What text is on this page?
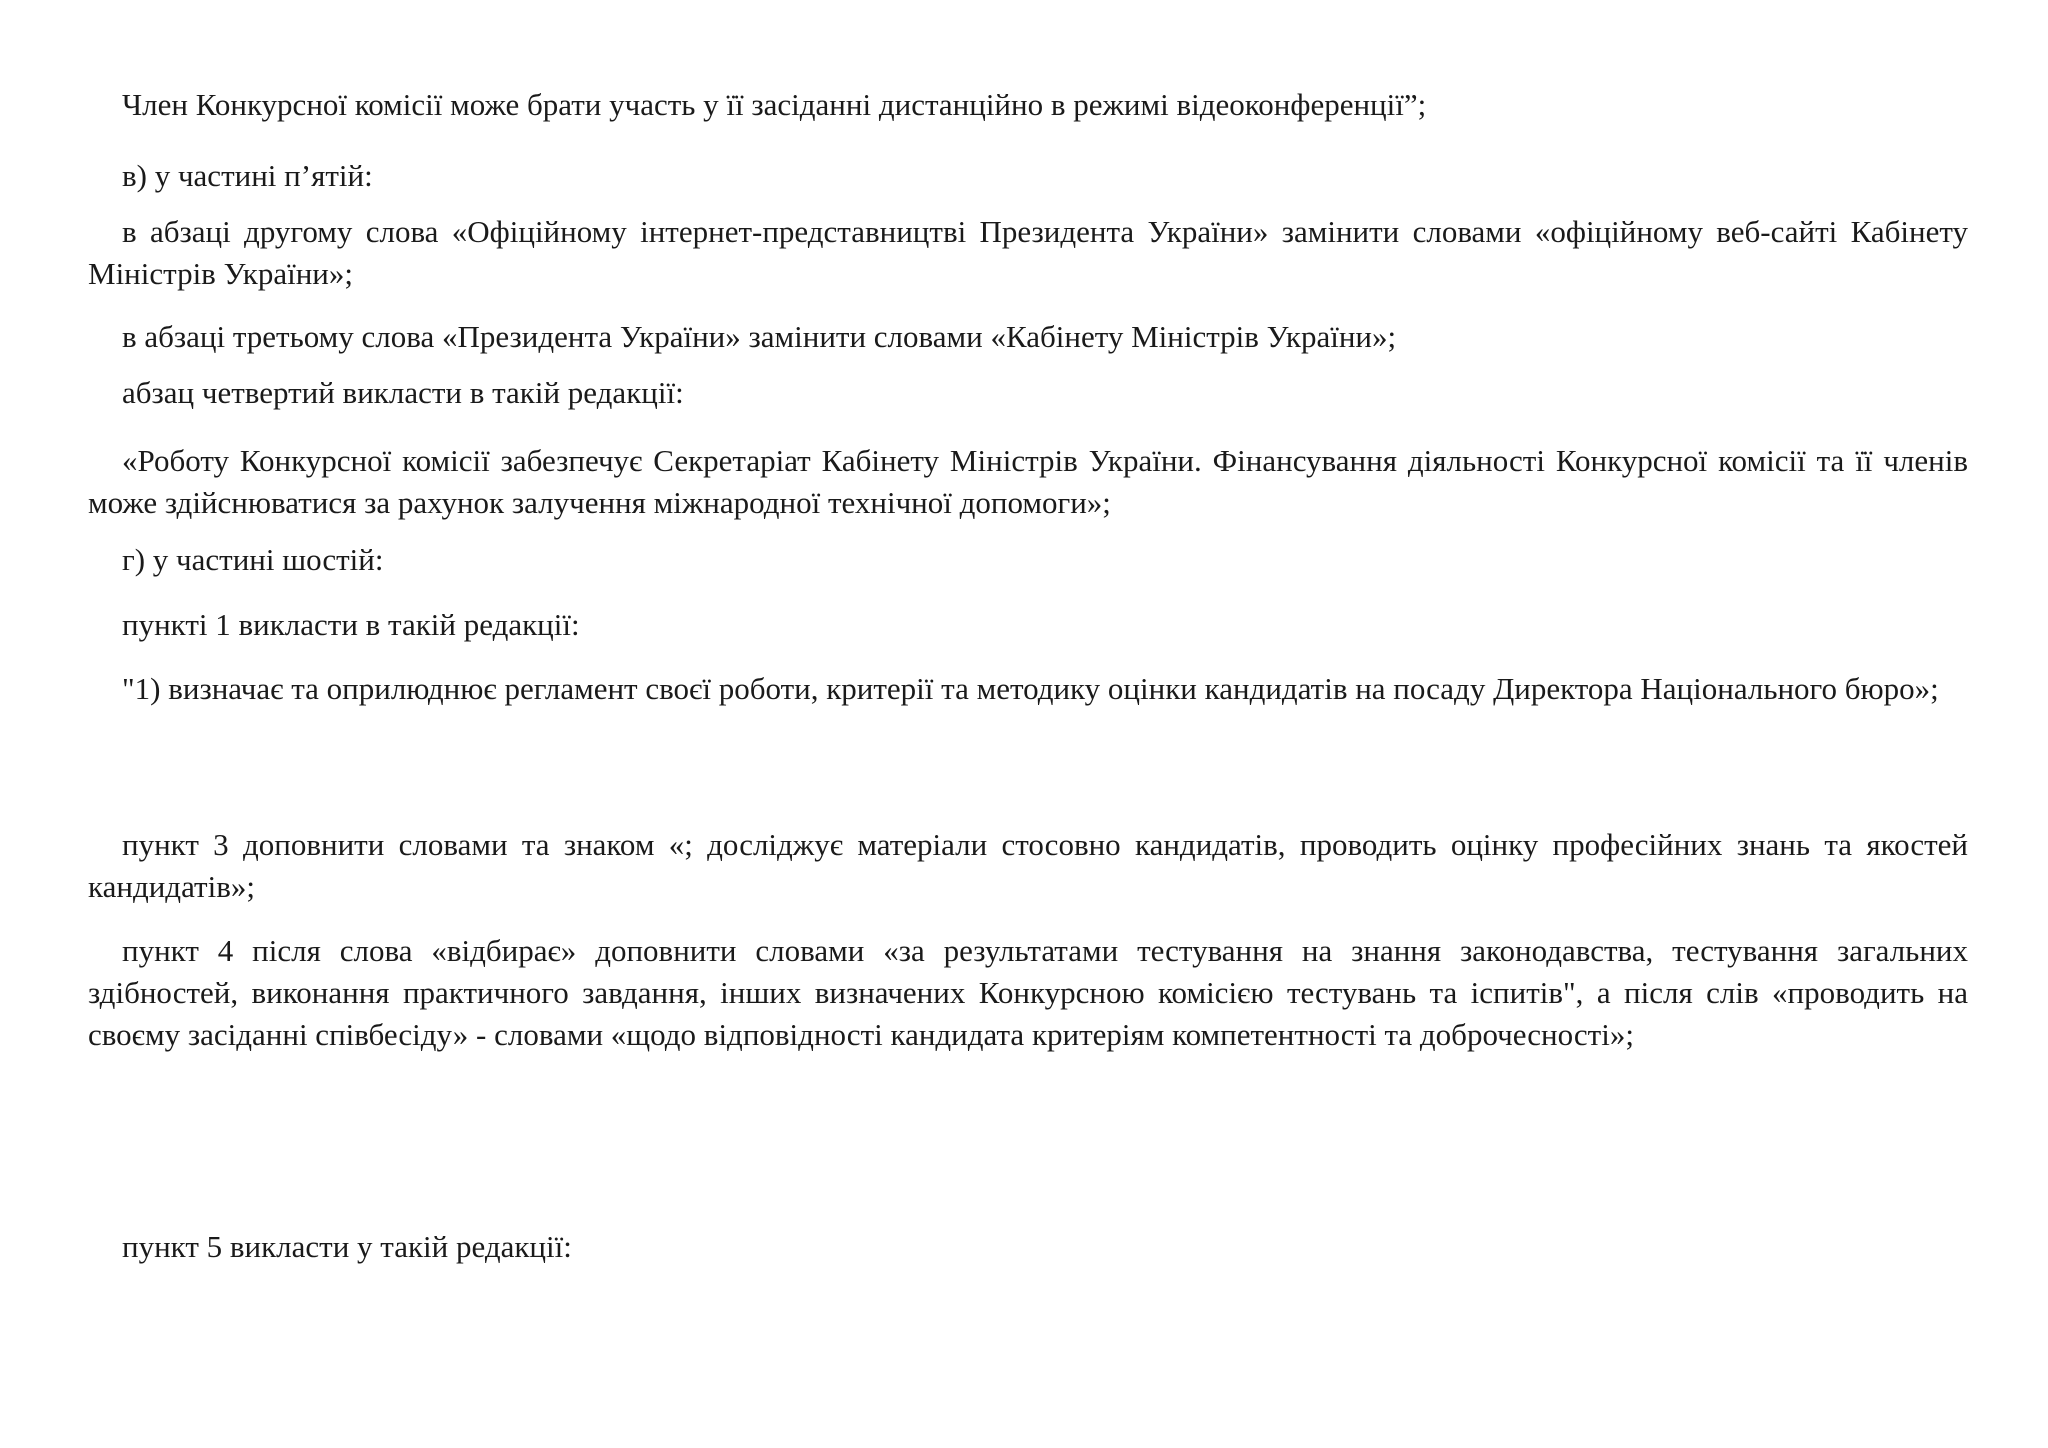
Член Конкурсної комісії може брати участь у її засіданні дистанційно в режимі відеоконференції”;

в) у частині п’ятій:

в абзаці другому слова «Офіційному інтернет-представництві Президента України» замінити словами «офіційному веб-сайті Кабінету Міністрів України»;

в абзаці третьому слова «Президента України» замінити словами «Кабінету Міністрів України»;

абзац четвертий викласти в такій редакції:

«Роботу Конкурсної комісії забезпечує Секретаріат Кабінету Міністрів України. Фінансування діяльності Конкурсної комісії та її членів може здійснюватися за рахунок залучення міжнародної технічної допомоги»;

г) у частині шостій:

пункті 1 викласти в такій редакції:

"1) визначає та оприлюднює регламент своєї роботи, критерії та методику оцінки кандидатів на посаду Директора Національного бюро»;

пункт 3 доповнити словами та знаком «; досліджує матеріали стосовно кандидатів, проводить оцінку професійних знань та якостей кандидатів»;

пункт 4 після слова «відбирає» доповнити словами «за результатами тестування на знання законодавства, тестування загальних здібностей, виконання практичного завдання, інших визначених Конкурсною комісією тестувань та іспитів", а після слів «проводить на своєму засіданні співбесіду» - словами «щодо відповідності кандидата критеріям компетентності та доброчесності»;

пункт 5 викласти у такій редакції:
